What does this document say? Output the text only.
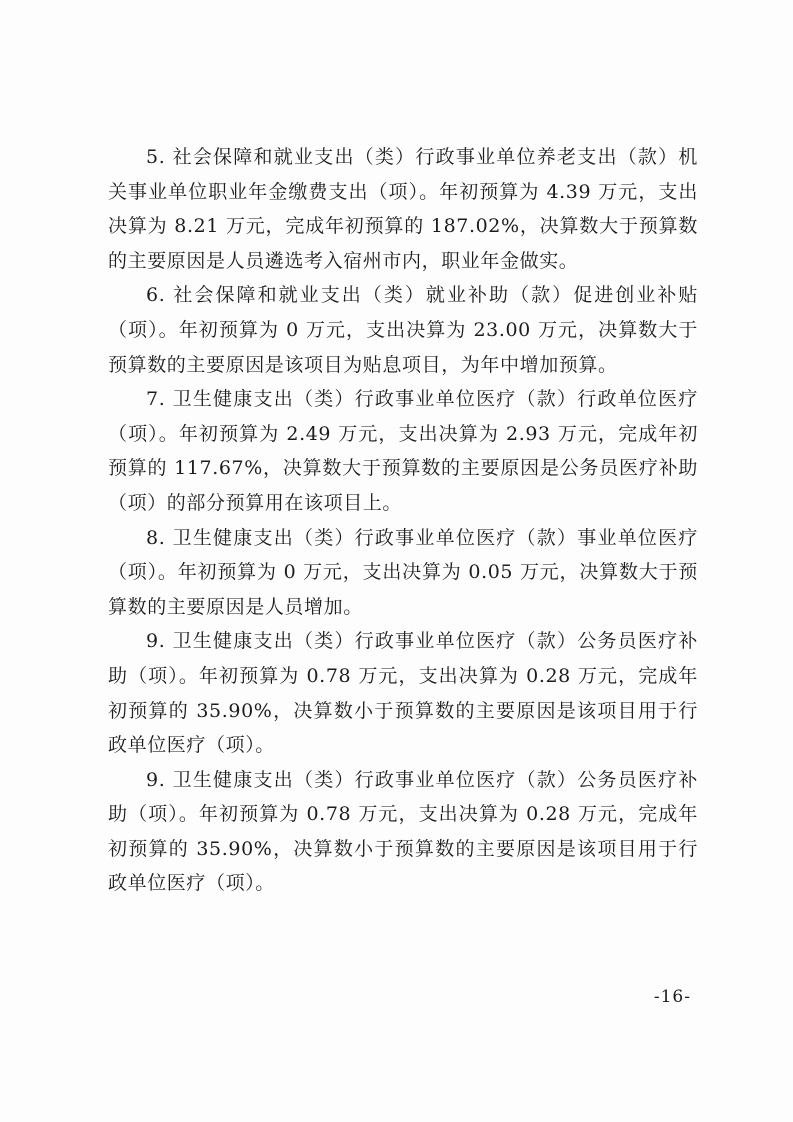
5. 社会保障和就业支出（类）行政事业单位养老支出（款）机关事业单位职业年金缴费支出（项）。年初预算为 4.39 万元，支出决算为 8.21 万元，完成年初预算的 187.02%，决算数大于预算数的主要原因是人员遴选考入宿州市内，职业年金做实。

6. 社会保障和就业支出（类）就业补助（款）促进创业补贴（项）。年初预算为 0 万元，支出决算为 23.00 万元，决算数大于预算数的主要原因是该项目为贴息项目，为年中增加预算。

7. 卫生健康支出（类）行政事业单位医疗（款）行政单位医疗（项）。年初预算为 2.49 万元，支出决算为 2.93 万元，完成年初预算的 117.67%，决算数大于预算数的主要原因是公务员医疗补助（项）的部分预算用在该项目上。

8. 卫生健康支出（类）行政事业单位医疗（款）事业单位医疗（项）。年初预算为 0 万元，支出决算为 0.05 万元，决算数大于预算数的主要原因是人员增加。

9. 卫生健康支出（类）行政事业单位医疗（款）公务员医疗补助（项）。年初预算为 0.78 万元，支出决算为 0.28 万元，完成年初预算的 35.90%，决算数小于预算数的主要原因是该项目用于行政单位医疗（项）。

9. 卫生健康支出（类）行政事业单位医疗（款）公务员医疗补助（项）。年初预算为 0.78 万元，支出决算为 0.28 万元，完成年初预算的 35.90%，决算数小于预算数的主要原因是该项目用于行政单位医疗（项）。

-16-
